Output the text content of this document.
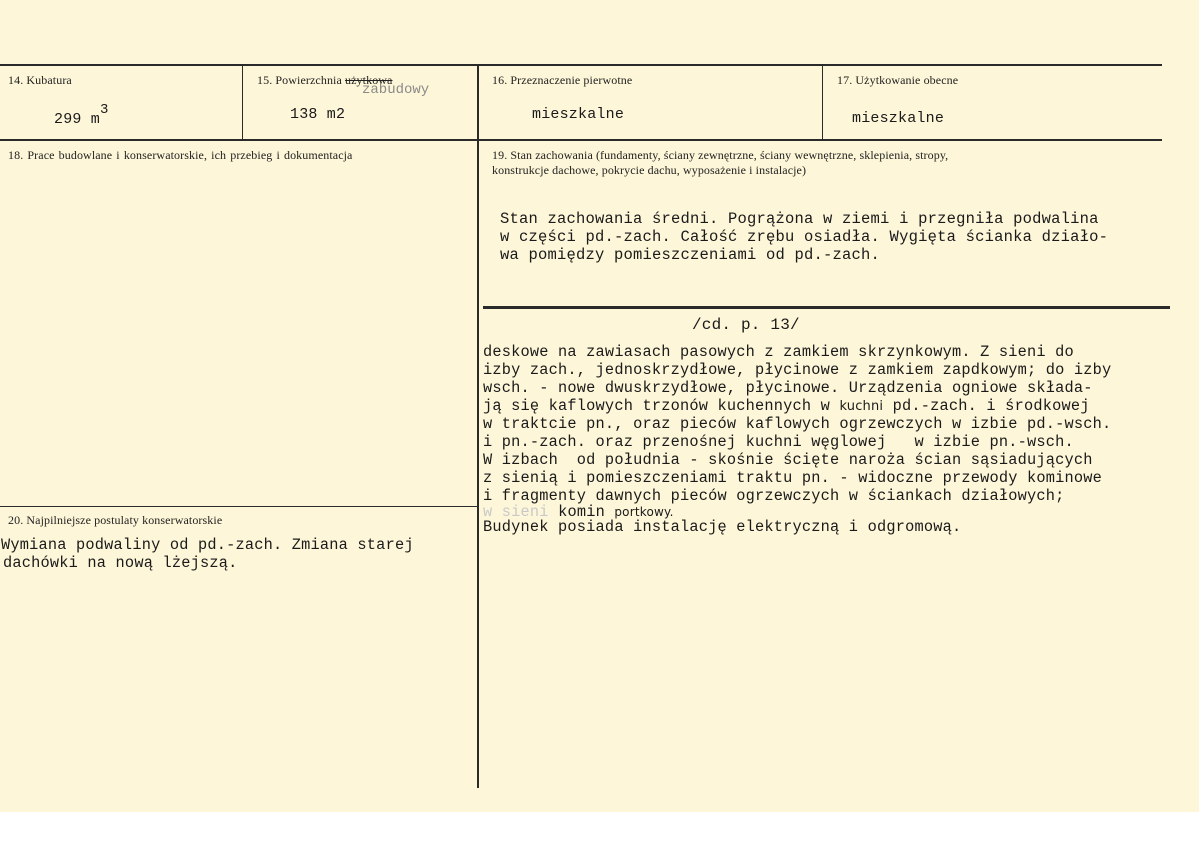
14. Kubatura
299 $m^3$
15. Powierzchnia użytkowa
zabudowy
138 m2
16. Przeznaczenie pierwotne
mieszkalne
17. Użytkowanie obecne
mieszkalne
18. Prace budowlane i konserwatorskie, ich przebieg i dokumentacja	19. Stan zachowania (fundamenty, ściany zewnętrzne, ściany wewnętrzne, sklepienia, stropy,
konstrukcje dachowe, pokrycie dachu, wyposażenie i instalacje)
Stan zachowania średni. Pogrążona w ziemi i przegniła podwalina
w części pd.-zach. Całość zrębu osiadła. Wygięta ścianka działo-
wa pomiędzy pomieszczeniami od pd.-zach.
/cd. p. 13/
deskowe na zawiasach pasowych z zamkiem skrzynkowym. Z sieni do
izby zach., jednoskrzydłowe, płycinowe z zamkiem zapdkowym; do izby
wsch. - nowe dwuskrzydłowe, płycinowe. Urządzenia ogniowe składa-
ją się kaflowych trzonów kuchennych w kuchni pd.-zach. i środkowej
w traktcie pn., oraz pieców kaflowych ogrzewczych w izbie pd.-wsch.
i pn.-zach. oraz przenośnej kuchni węglowej   w izbie pn.-wsch.
W izbach  od południa - skośnie ścięte naroża ścian sąsiadujących
z sienią i pomieszczeniami traktu pn. - widoczne przewody kominowe
i fragmenty dawnych pieców ogrzewczych w ściankach działowych;
w sieni komin portkowy.
Budynek posiada instalację elektryczną i odgromową.
20. Najpilniejsze postulaty konserwatorskie
Wymiana podwaliny od pd.-zach. Zmiana starej
dachówki na nową lżejszą.
